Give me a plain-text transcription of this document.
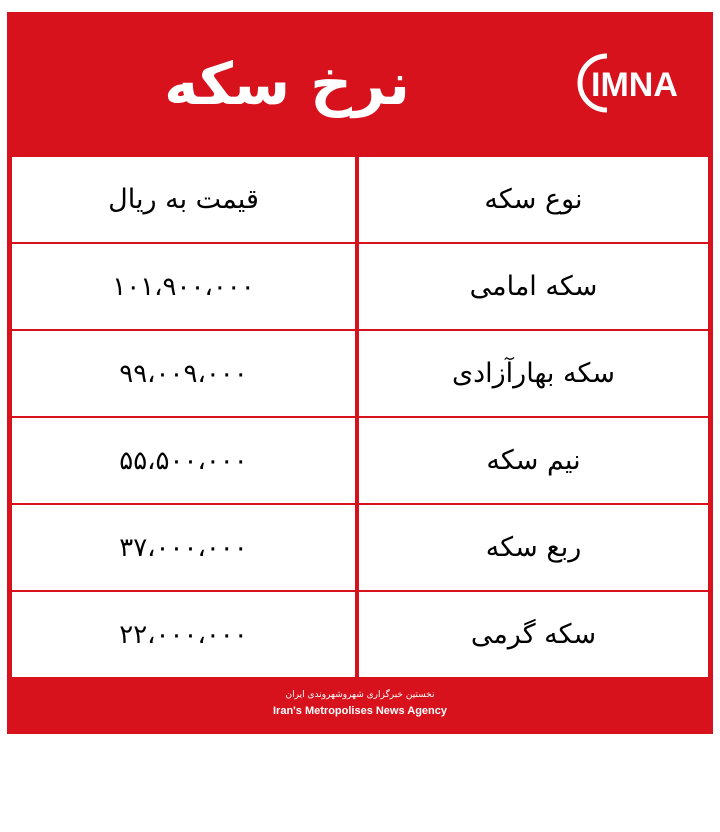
نرخ سکه	IMNA
قیمت به ریال	نوع سکه
۱۰۱،۹۰۰،۰۰۰	سکه امامی
۹۹،۰۰۹،۰۰۰	سکه بهارآزادی
۵۵،۵۰۰،۰۰۰	نیم سکه
۳۷،۰۰۰،۰۰۰	ربع سکه
۲۲،۰۰۰،۰۰۰	سکه گرمی
نخستین خبرگزاری شهروشهروندی ایران
Iran's Metropolises News Agency
